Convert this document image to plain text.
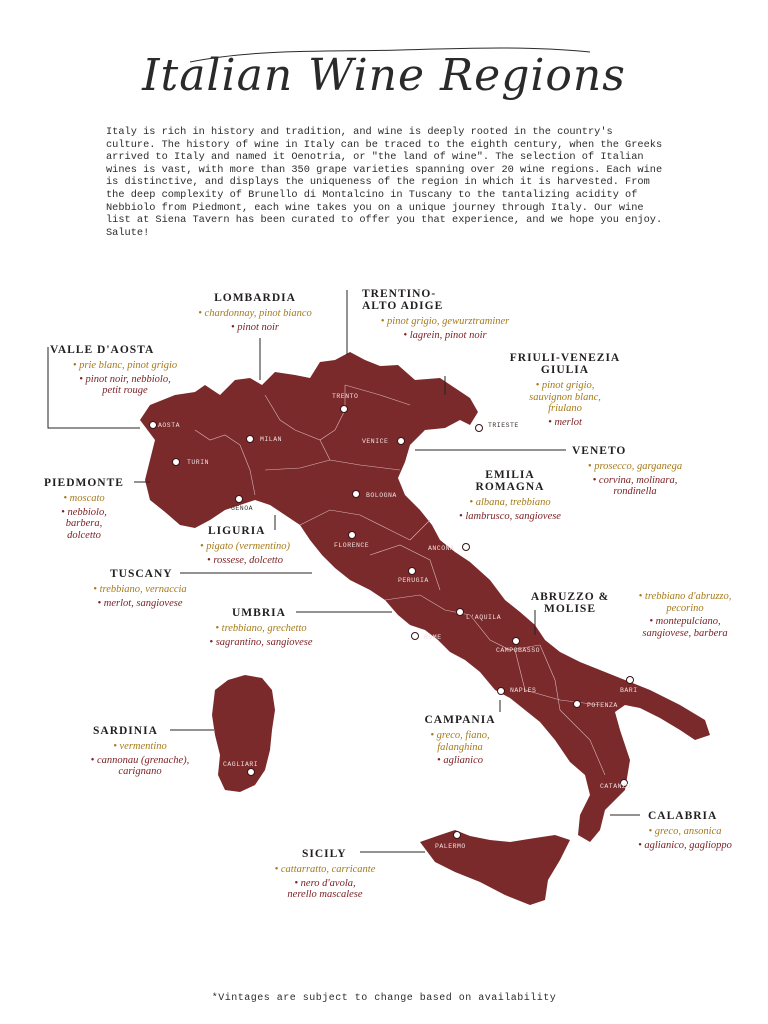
Italian Wine Regions
Italy is rich in history and tradition, and wine is deeply rooted in the country's culture. The history of wine in Italy can be traced to the eighth century, when the Greeks arrived to Italy and named it Oenotria, or "the land of wine". The selection of Italian wines is vast, with more than 350 grape varieties spanning over 20 wine regions. Each wine is distinctive, and displays the uniqueness of the region in which it is harvested. From the deep complexity of Brunello di Montalcino in Tuscany to the tantalizing acidity of Nebbiolo from Piedmont, each wine takes you on a unique journey through Italy. Our wine list at Siena Tavern has been curated to offer you that experience, and we hope you enjoy. Salute!
AOSTA
TURIN
MILAN
GENOA
TRENTO
VENICE
TRIESTE
BOLOGNA
FLORENCE	ANCONA
PERUGIA
L'AQUILA
ROME
CAMPOBASSO
NAPLES	BARI
POTENZA
CAGLIARI
CATANZO
PALERMO
LOMBARDIA
• chardonnay, pinot bianco
• pinot noir
TRENTINO-
ALTO ADIGE
• pinot grigio, gewurztraminer
• lagrein, pinot noir
VALLE D'AOSTA
• prie blanc, pinot grigio
• pinot noir, nebbiolo,
petit rouge
FRIULI-VENEZIA
GIULIA
• pinot grigio,
sauvignon blanc,
friulano
• merlot
VENETO
• prosecco, garganega
• corvina, molinara,
rondinella
PIEDMONTE
• moscato
• nebbiolo,
barbera,
dolcetto
EMILIA
ROMAGNA
• albana, trebbiano
• lambrusco, sangiovese
LIGURIA
• pigato (vermentino)
• rossese, dolcetto
TUSCANY
• trebbiano, vernaccia
• merlot, sangiovese	ABRUZZO &
MOLISE
• trebbiano d'abruzzo,
pecorino
• montepulciano,
sangiovese, barbera
UMBRIA
• trebbiano, grechetto
• sagrantino, sangiovese
SARDINIA
• vermentino
• cannonau (grenache),
carignano
CAMPANIA
• greco, fiano,
falanghina
• aglianico
CALABRIA
• greco, ansonica
• aglianico, gaglioppo
SICILY
• cattarratto, carricante
• nero d'avola,
nerello mascalese
*Vintages are subject to change based on availability
